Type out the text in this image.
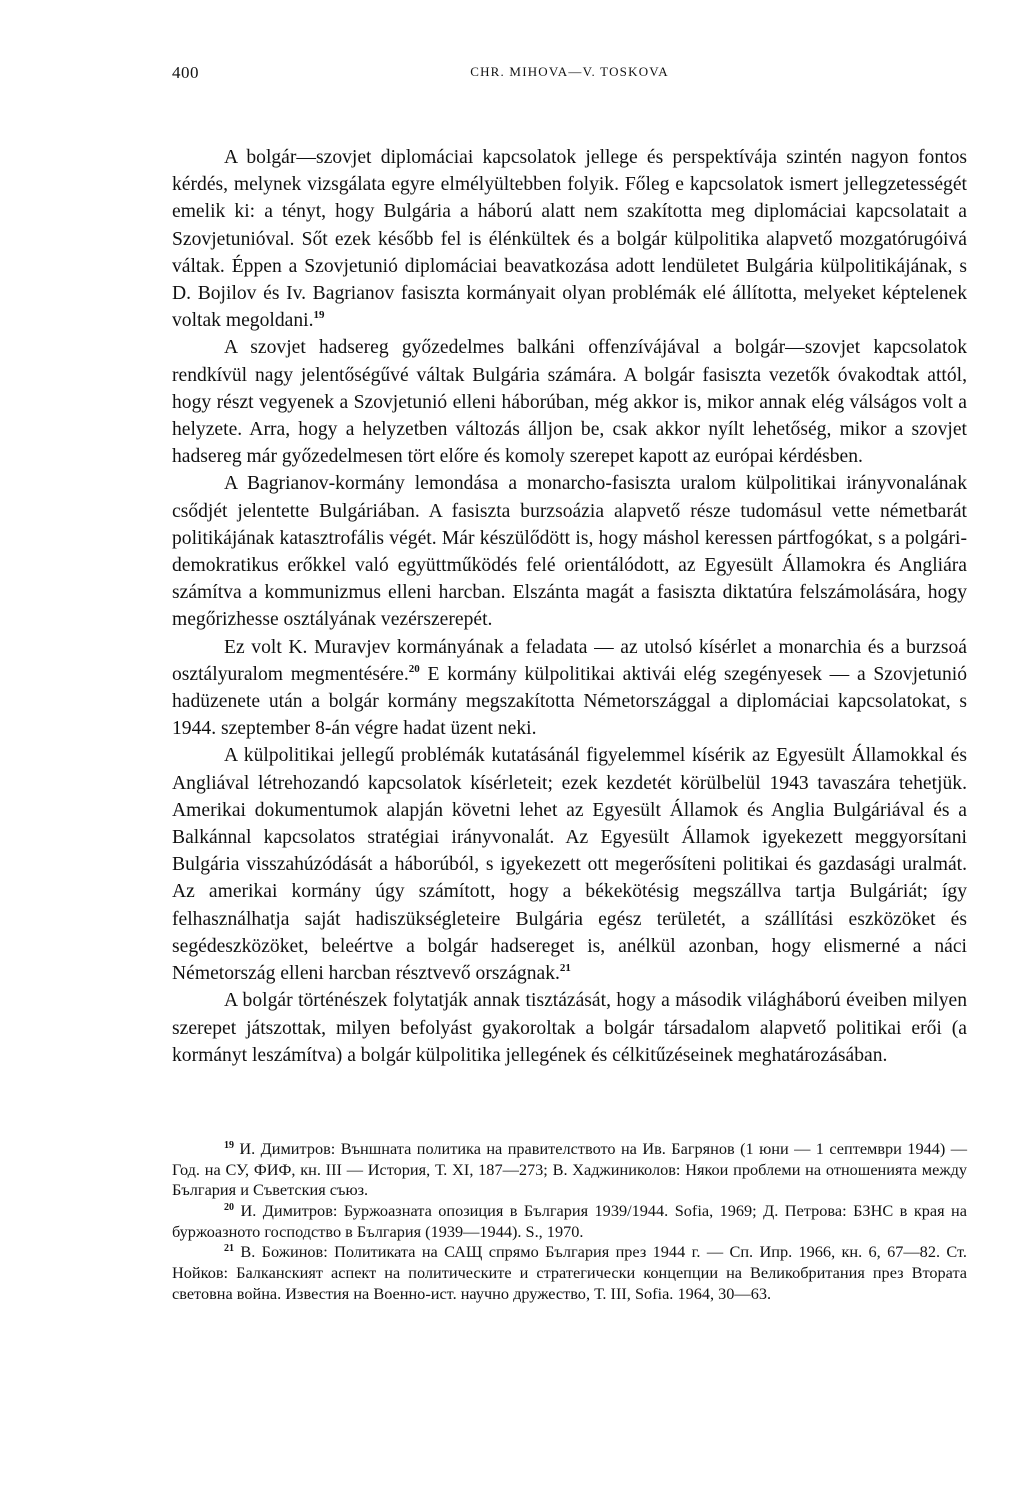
400	CHR. MIHOVA—V. TOSKOVA

A bolgár—szovjet diplomáciai kapcsolatok jellege és perspektívája szintén nagyon fontos kérdés, melynek vizsgálata egyre elmélyültebben folyik. Főleg e kapcsolatok ismert jellegzetességét emelik ki: a tényt, hogy Bulgária a háború alatt nem szakította meg diplomáciai kapcsolatait a Szovjetunióval. Sőt ezek később fel is élénkültek és a bolgár külpolitika alapvető mozgatórugóivá váltak. Éppen a Szovjetunió diplomáciai beavatkozása adott lendületet Bulgária külpolitikájának, s D. Bojilov és Iv. Bagrianov fasiszta kormányait olyan problémák elé állította, melyeket képtelenek voltak megoldani.$^{19}$

A szovjet hadsereg győzedelmes balkáni offenzívájával a bolgár—szovjet kapcsolatok rendkívül nagy jelentőségűvé váltak Bulgária számára. A bolgár fasiszta vezetők óvakodtak attól, hogy részt vegyenek a Szovjetunió elleni háborúban, még akkor is, mikor annak elég válságos volt a helyzete. Arra, hogy a helyzetben változás álljon be, csak akkor nyílt lehetőség, mikor a szovjet hadsereg már győzedelmesen tört előre és komoly szerepet kapott az európai kérdésben.

A Bagrianov-kormány lemondása a monarcho-fasiszta uralom külpolitikai irányvonalának csődjét jelentette Bulgáriában. A fasiszta burzsoázia alapvető része tudomásul vette németbarát politikájának katasztrofális végét. Már készülődött is, hogy máshol keressen pártfogókat, s a polgári-demokratikus erőkkel való együttműködés felé orientálódott, az Egyesült Államokra és Angliára számítva a kommunizmus elleni harcban. Elszánta magát a fasiszta diktatúra felszámolására, hogy megőrizhesse osztályának vezérszerepét.

Ez volt K. Muravjev kormányának a feladata — az utolsó kísérlet a monarchia és a burzsoá osztályuralom megmentésére.$^{20}$ E kormány külpolitikai aktivái elég szegényesek — a Szovjetunió hadüzenete után a bolgár kormány megszakította Németországgal a diplomáciai kapcsolatokat, s 1944. szeptember 8-án végre hadat üzent neki.

A külpolitikai jellegű problémák kutatásánál figyelemmel kísérik az Egyesült Államokkal és Angliával létrehozandó kapcsolatok kísérleteit; ezek kezdetét körülbelül 1943 tavaszára tehetjük. Amerikai dokumentumok alapján követni lehet az Egyesült Államok és Anglia Bulgáriával és a Balkánnal kapcsolatos stratégiai irányvonalát. Az Egyesült Államok igyekezett meggyorsítani Bulgária visszahúzódását a háborúból, s igyekezett ott megerősíteni politikai és gazdasági uralmát. Az amerikai kormány úgy számított, hogy a békekötésig megszállva tartja Bulgáriát; így felhasználhatja saját hadiszükségleteire Bulgária egész területét, a szállítási eszközöket és segédeszközöket, beleértve a bolgár hadsereget is, anélkül azonban, hogy elismerné a náci Németország elleni harcban résztvevő országnak.$^{21}$

A bolgár történészek folytatják annak tisztázását, hogy a második világháború éveiben milyen szerepet játszottak, milyen befolyást gyakoroltak a bolgár társadalom alapvető politikai erői (a kormányt leszámítva) a bolgár külpolitika jellegének és célkitűzéseinek meghatározásában.

$^{19}$ И. Димитров: Външната политика на правителството на Ив. Багрянов (1 юни — 1 септември 1944) — Год. на СУ, ФИФ, кн. III — История, Т. XI, 187—273; В. Хаджиниколов: Някои проблеми на отношенията между България и Съветския съюз.

$^{20}$ И. Димитров: Буржоазната опозиция в България 1939/1944. Sofia, 1969; Д. Петрова: БЗНС в края на буржоазното господство в България (1939—1944). S., 1970.

$^{21}$ В. Божинов: Политиката на САЩ спрямо България през 1944 г. — Сп. Ипр. 1966, кн. 6, 67—82. Ст. Нойков: Балканският аспект на политическите и стратегически концепции на Великобритания през Втората световна война. Известия на Военно-ист. научно дружество, Т. III, Sofia. 1964, 30—63.
